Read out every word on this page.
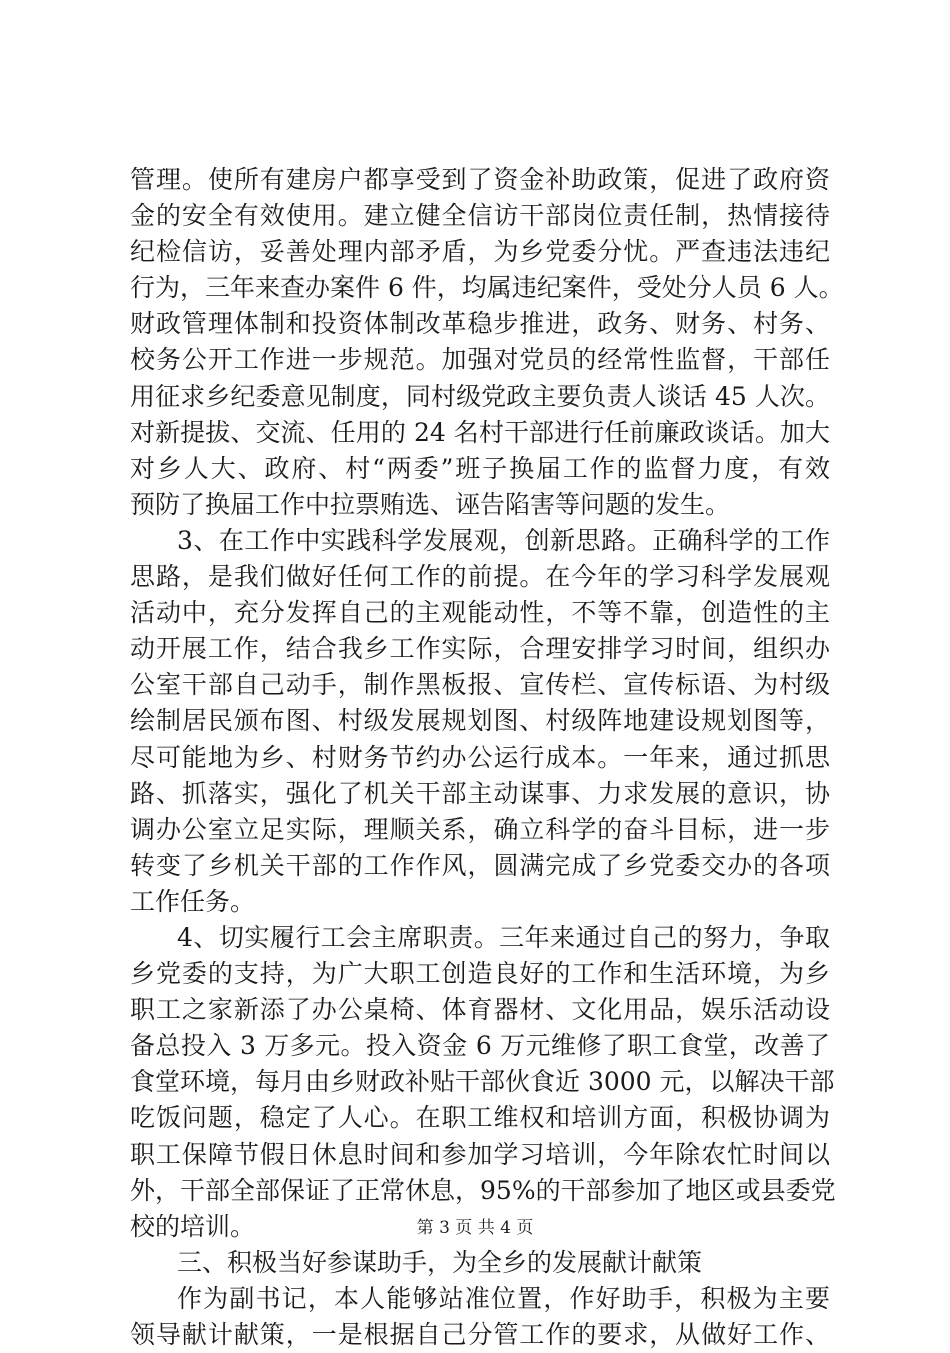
管理。使所有建房户都享受到了资金补助政策，促进了政府资
金的安全有效使用。建立健全信访干部岗位责任制，热情接待
纪检信访，妥善处理内部矛盾，为乡党委分忧。严查违法违纪
行为，三年来查办案件 6 件，均属违纪案件，受处分人员 6 人。
财政管理体制和投资体制改革稳步推进，政务、财务、村务、
校务公开工作进一步规范。加强对党员的经常性监督，干部任
用征求乡纪委意见制度，同村级党政主要负责人谈话 45 人次。
对新提拔、交流、任用的 24 名村干部进行任前廉政谈话。加大
对乡人大、政府、村“两委”班子换届工作的监督力度，有效
预防了换届工作中拉票贿选、诬告陷害等问题的发生。
3、在工作中实践科学发展观，创新思路。正确科学的工作
思路，是我们做好任何工作的前提。在今年的学习科学发展观
活动中，充分发挥自己的主观能动性，不等不靠，创造性的主
动开展工作，结合我乡工作实际，合理安排学习时间，组织办
公室干部自己动手，制作黑板报、宣传栏、宣传标语、为村级
绘制居民颁布图、村级发展规划图、村级阵地建设规划图等，
尽可能地为乡、村财务节约办公运行成本。一年来，通过抓思
路、抓落实，强化了机关干部主动谋事、力求发展的意识，协
调办公室立足实际，理顺关系，确立科学的奋斗目标，进一步
转变了乡机关干部的工作作风，圆满完成了乡党委交办的各项
工作任务。
4、切实履行工会主席职责。三年来通过自己的努力，争取
乡党委的支持，为广大职工创造良好的工作和生活环境，为乡
职工之家新添了办公桌椅、体育器材、文化用品，娱乐活动设
备总投入 3 万多元。投入资金 6 万元维修了职工食堂，改善了
食堂环境，每月由乡财政补贴干部伙食近 3000 元，以解决干部
吃饭问题，稳定了人心。在职工维权和培训方面，积极协调为
职工保障节假日休息时间和参加学习培训，今年除农忙时间以
外，干部全部保证了正常休息，95%的干部参加了地区或县委党
校的培训。
三、积极当好参谋助手，为全乡的发展献计献策
作为副书记，本人能够站准位置，作好助手，积极为主要
领导献计献策，一是根据自己分管工作的要求，从做好工作、
第 3 页 共 4 页
